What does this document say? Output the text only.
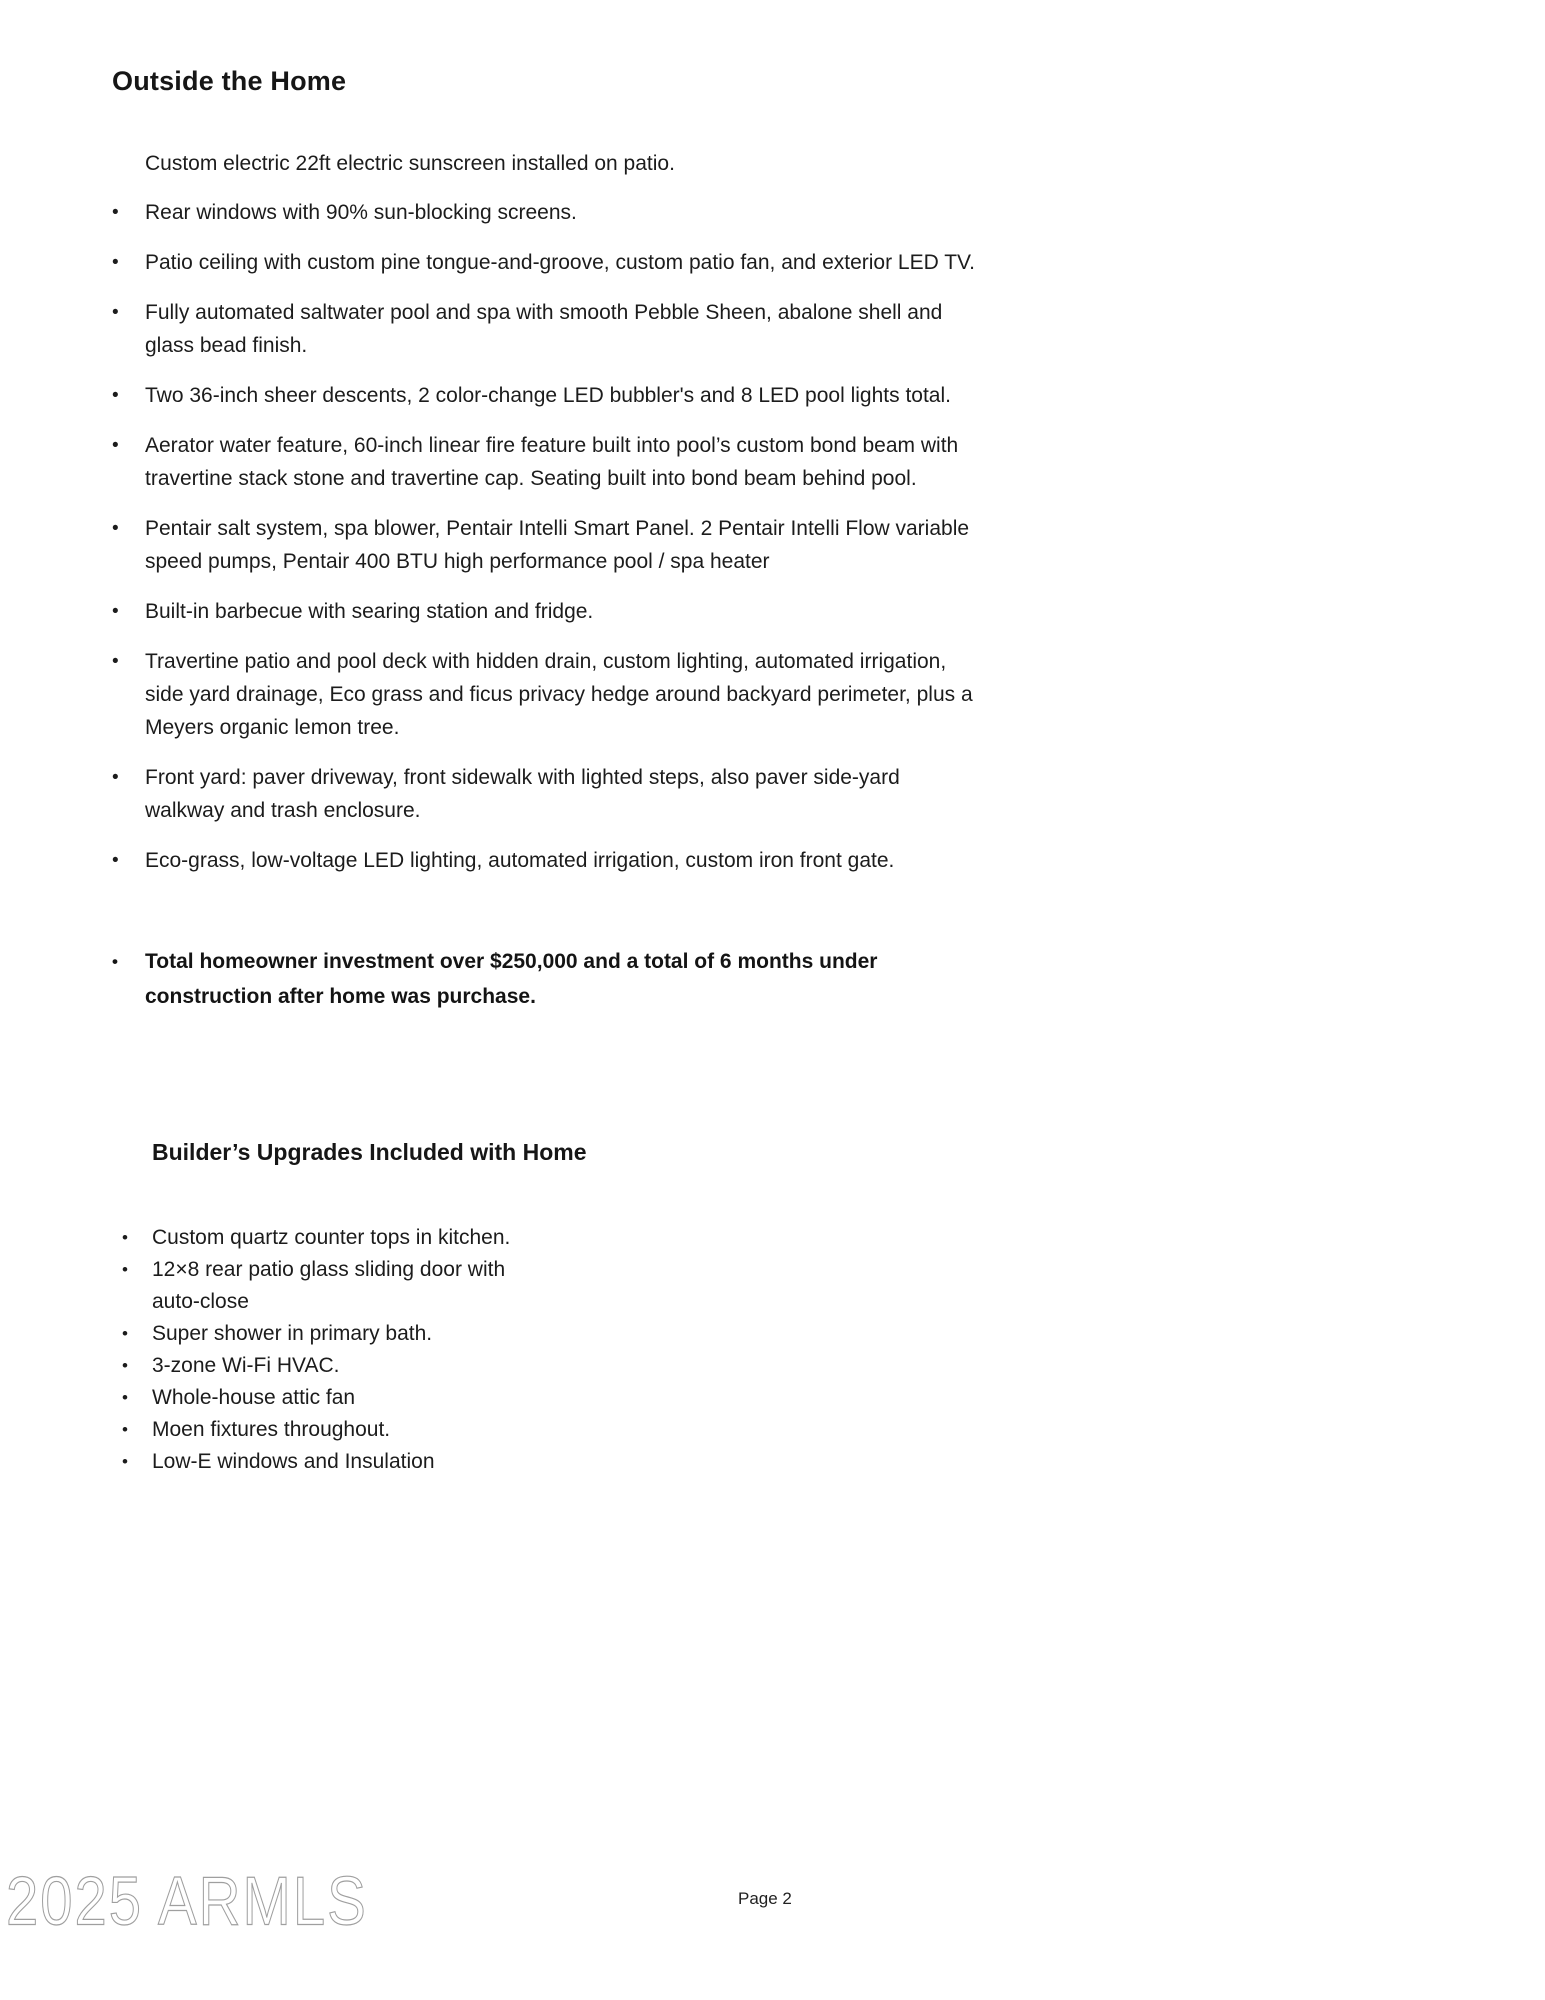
Outside the Home
Custom electric 22ft electric sunscreen installed on patio.
•	Rear windows with 90% sun-blocking screens.
•	Patio ceiling with custom pine tongue-and-groove, custom patio fan, and exterior LED TV.
•	Fully automated saltwater pool and spa with smooth Pebble Sheen, abalone shell and glass bead finish.
•	Two 36-inch sheer descents, 2 color-change LED bubbler's and 8 LED pool lights total.
•	Aerator water feature, 60-inch linear fire feature built into pool’s custom bond beam with travertine stack stone and travertine cap. Seating built into bond beam behind pool.
•	Pentair salt system, spa blower, Pentair Intelli Smart Panel. 2 Pentair Intelli Flow variable speed pumps, Pentair 400 BTU high performance pool / spa heater
•	Built-in barbecue with searing station and fridge.
•	Travertine patio and pool deck with hidden drain, custom lighting, automated irrigation, side yard drainage, Eco grass and ficus privacy hedge around backyard perimeter, plus a Meyers organic lemon tree.
•	Front yard: paver driveway, front sidewalk with lighted steps, also paver side-yard walkway and trash enclosure.
•	Eco-grass, low-voltage LED lighting, automated irrigation, custom iron front gate.
•	Total homeowner investment over $250,000 and a total of 6 months under construction after home was purchase.
Builder’s Upgrades Included with Home
•	Custom quartz counter tops in kitchen.
•	12×8 rear patio glass sliding door with auto-close
•	Super shower in primary bath.
•	3-zone Wi-Fi HVAC.
•	Whole-house attic fan
•	Moen fixtures throughout.
•	Low-E windows and Insulation
2025 ARMLS	Page 2
